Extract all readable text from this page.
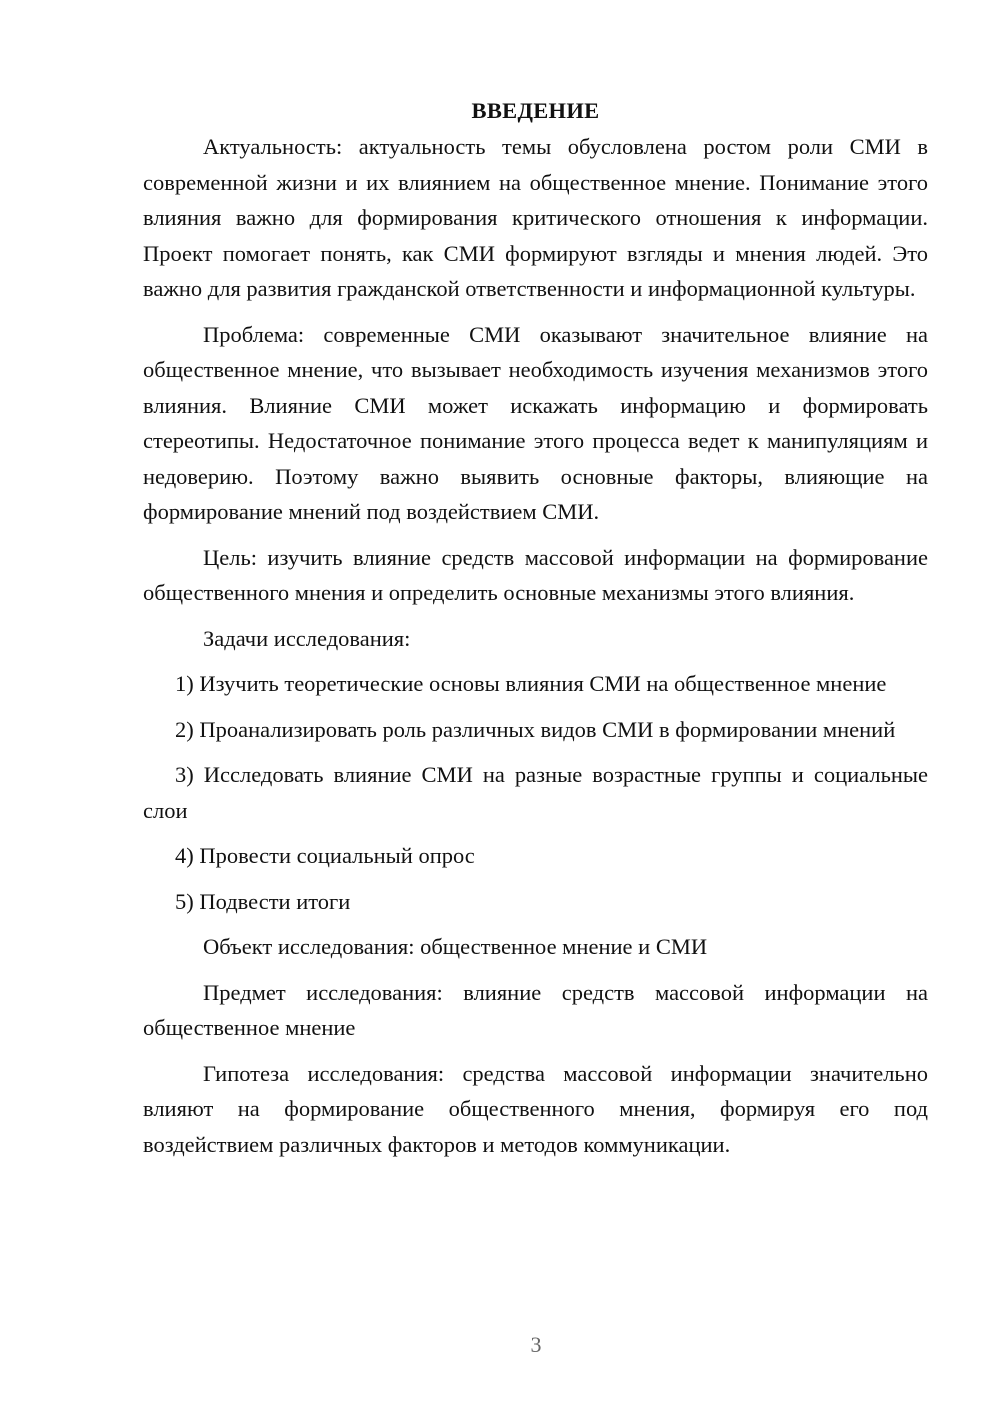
ВВЕДЕНИЕ

Актуальность: актуальность темы обусловлена ростом роли СМИ в современной жизни и их влиянием на общественное мнение. Понимание этого влияния важно для формирования критического отношения к информации. Проект помогает понять, как СМИ формируют взгляды и мнения людей. Это важно для развития гражданской ответственности и информационной культуры.

Проблема: современные СМИ оказывают значительное влияние на общественное мнение, что вызывает необходимость изучения механизмов этого влияния. Влияние СМИ может искажать информацию и формировать стереотипы. Недостаточное понимание этого процесса ведет к манипуляциям и недоверию. Поэтому важно выявить основные факторы, влияющие на формирование мнений под воздействием СМИ.

Цель: изучить влияние средств массовой информации на формирование общественного мнения и определить основные механизмы этого влияния.

Задачи исследования:

1) Изучить теоретические основы влияния СМИ на общественное мнение

2) Проанализировать роль различных видов СМИ в формировании мнений

3) Исследовать влияние СМИ на разные возрастные группы и социальные слои

4) Провести социальный опрос

5) Подвести итоги

Объект исследования: общественное мнение и СМИ

Предмет исследования: влияние средств массовой информации на общественное мнение

Гипотеза исследования: средства массовой информации значительно влияют на формирование общественного мнения, формируя его под воздействием различных факторов и методов коммуникации.

3
